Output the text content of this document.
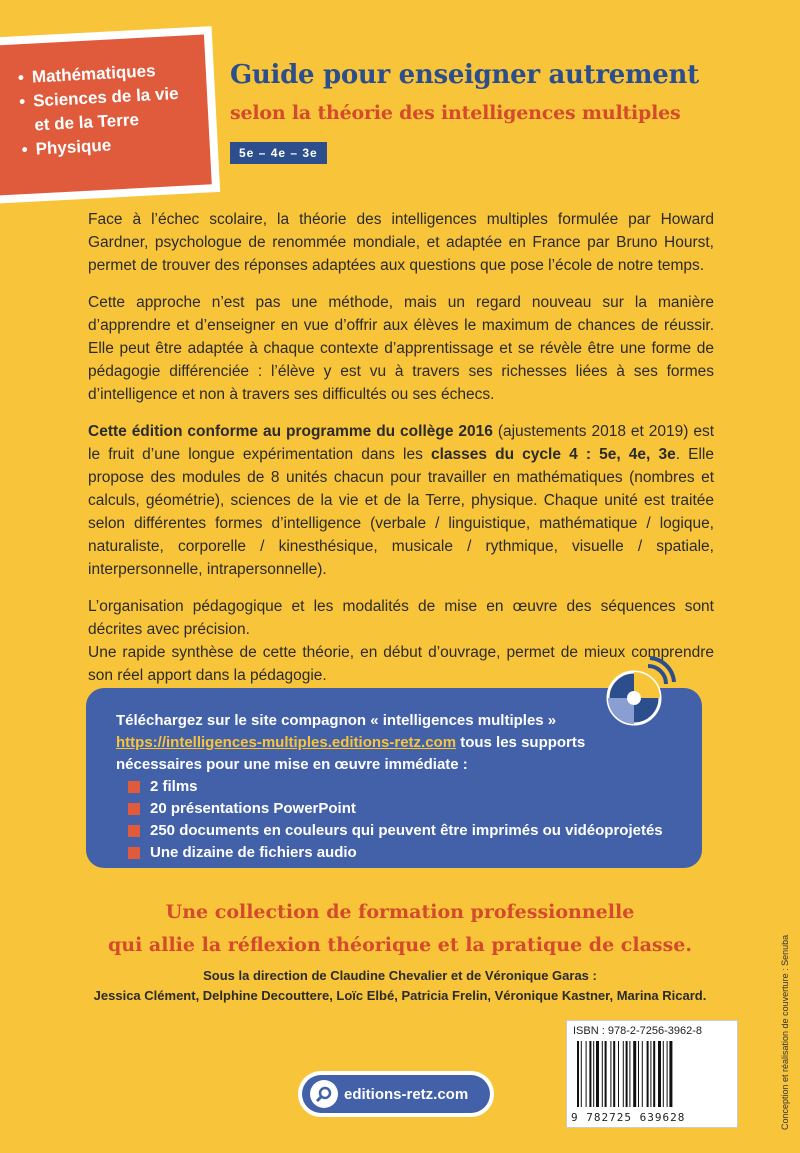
• Mathématiques
• Sciences de la vie
et de la Terre
• Physique
Guide pour enseigner autrement
selon la théorie des intelligences multiples
5e – 4e – 3e

Face à l’échec scolaire, la théorie des intelligences multiples formulée par Howard Gardner, psychologue de renommée mondiale, et adaptée en France par Bruno Hourst, permet de trouver des réponses adaptées aux questions que pose l’école de notre temps.

Cette approche n’est pas une méthode, mais un regard nouveau sur la manière d’apprendre et d’enseigner en vue d’offrir aux élèves le maximum de chances de réussir. Elle peut être adaptée à chaque contexte d’apprentissage et se révèle être une forme de pédagogie différenciée : l’élève y est vu à travers ses richesses liées à ses formes d’intelligence et non à travers ses difficultés ou ses échecs.

Cette édition conforme au programme du collège 2016 (ajustements 2018 et 2019) est le fruit d’une longue expérimentation dans les classes du cycle 4 : 5e, 4e, 3e. Elle propose des modules de 8 unités chacun pour travailler en mathématiques (nombres et calculs, géométrie), sciences de la vie et de la Terre, physique. Chaque unité est traitée selon différentes formes d’intelligence (verbale / linguistique, mathématique / logique, naturaliste, corporelle / kinesthésique, musicale / rythmique, visuelle / spatiale, interpersonnelle, intrapersonnelle).

L’organisation pédagogique et les modalités de mise en œuvre des séquences sont décrites avec précision.
Une rapide synthèse de cette théorie, en début d’ouvrage, permet de mieux comprendre son réel apport dans la pédagogie.

Téléchargez sur le site compagnon « intelligences multiples »
https://intelligences-multiples.editions-retz.com tous les supports
nécessaires pour une mise en œuvre immédiate :
2 films
20 présentations PowerPoint
250 documents en couleurs qui peuvent être imprimés ou vidéoprojetés
Une dizaine de fichiers audio
Une collection de formation professionnelle
qui allie la réflexion théorique et la pratique de classe.
Sous la direction de Claudine Chevalier et de Véronique Garas :
Jessica Clément, Delphine Decouttere, Loïc Elbé, Patricia Frelin, Véronique Kastner, Marina Ricard.
ISBN : 978-2-7256-3962-8
9 782725 639628
editions-retz.com	Conception et réalisation de couverture : Senuba
